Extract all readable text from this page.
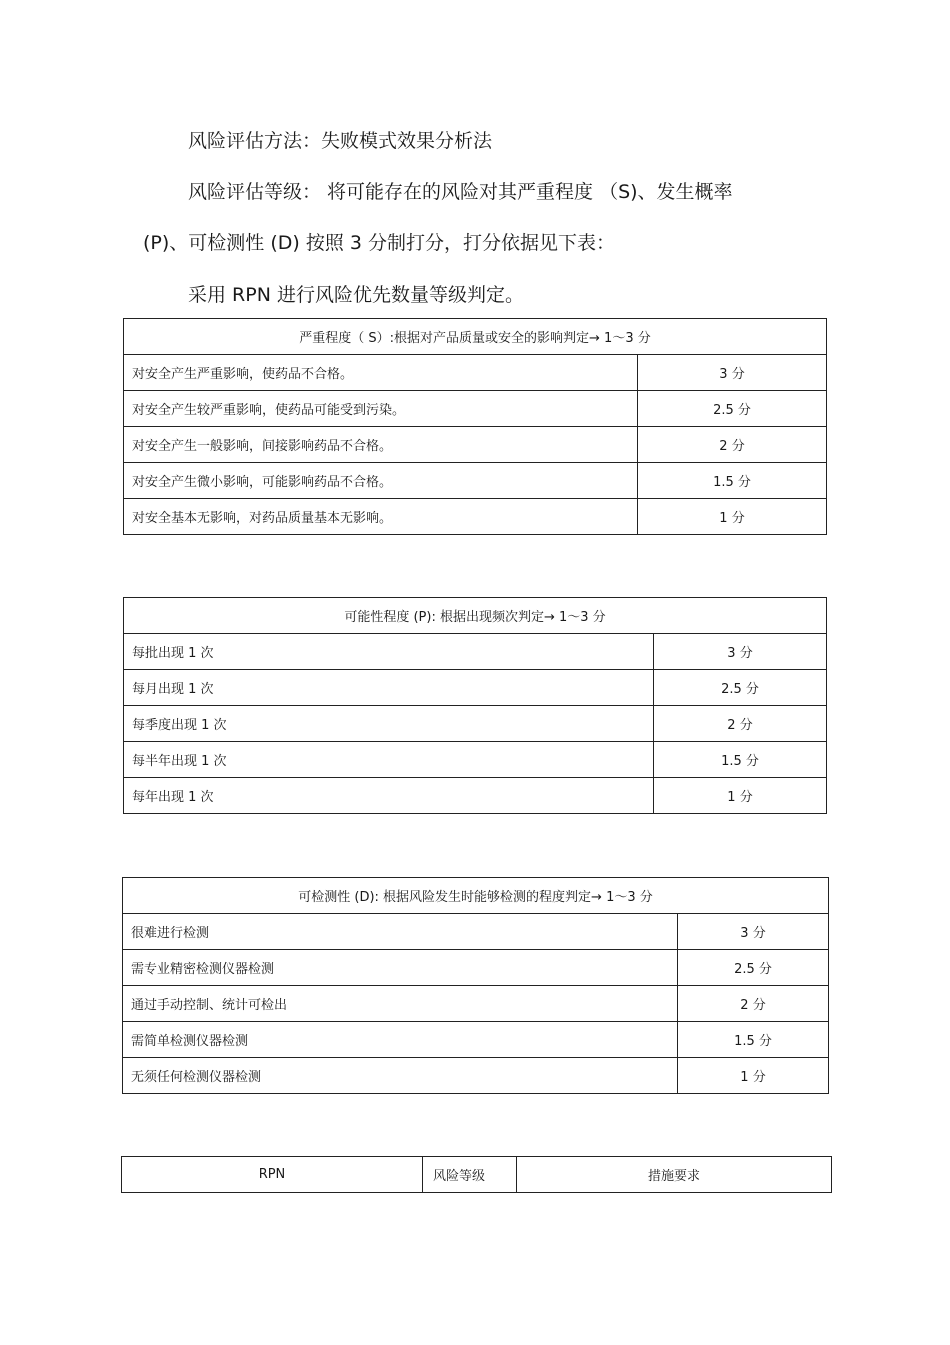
风险评估方法：失败模式效果分析法

风险评估等级： 将可能存在的风险对其严重程度 （S)、发生概率

(P)、可检测性 (D) 按照 3 分制打分，打分依据见下表：

采用 RPN 进行风险优先数量等级判定。

严重程度（ S）:根据对产品质量或安全的影响判定→ 1～3 分	
对安全产生严重影响，使药品不合格。	3 分
对安全产生较严重影响，使药品可能受到污染。	2.5 分
对安全产生一般影响，间接影响药品不合格。	2 分
对安全产生微小影响，可能影响药品不合格。	1.5 分
对安全基本无影响，对药品质量基本无影响。	1 分
可能性程度 (P): 根据出现频次判定→ 1～3 分	
每批出现 1 次	3 分
每月出现 1 次	2.5 分
每季度出现 1 次	2 分
每半年出现 1 次	1.5 分
每年出现 1 次	1 分
可检测性 (D): 根据风险发生时能够检测的程度判定→ 1～3 分	
很难进行检测	3 分
需专业精密检测仪器检测	2.5 分
通过手动控制、统计可检出	2 分
需简单检测仪器检测	1.5 分
无须任何检测仪器检测	1 分
RPN	风险等级	措施要求
